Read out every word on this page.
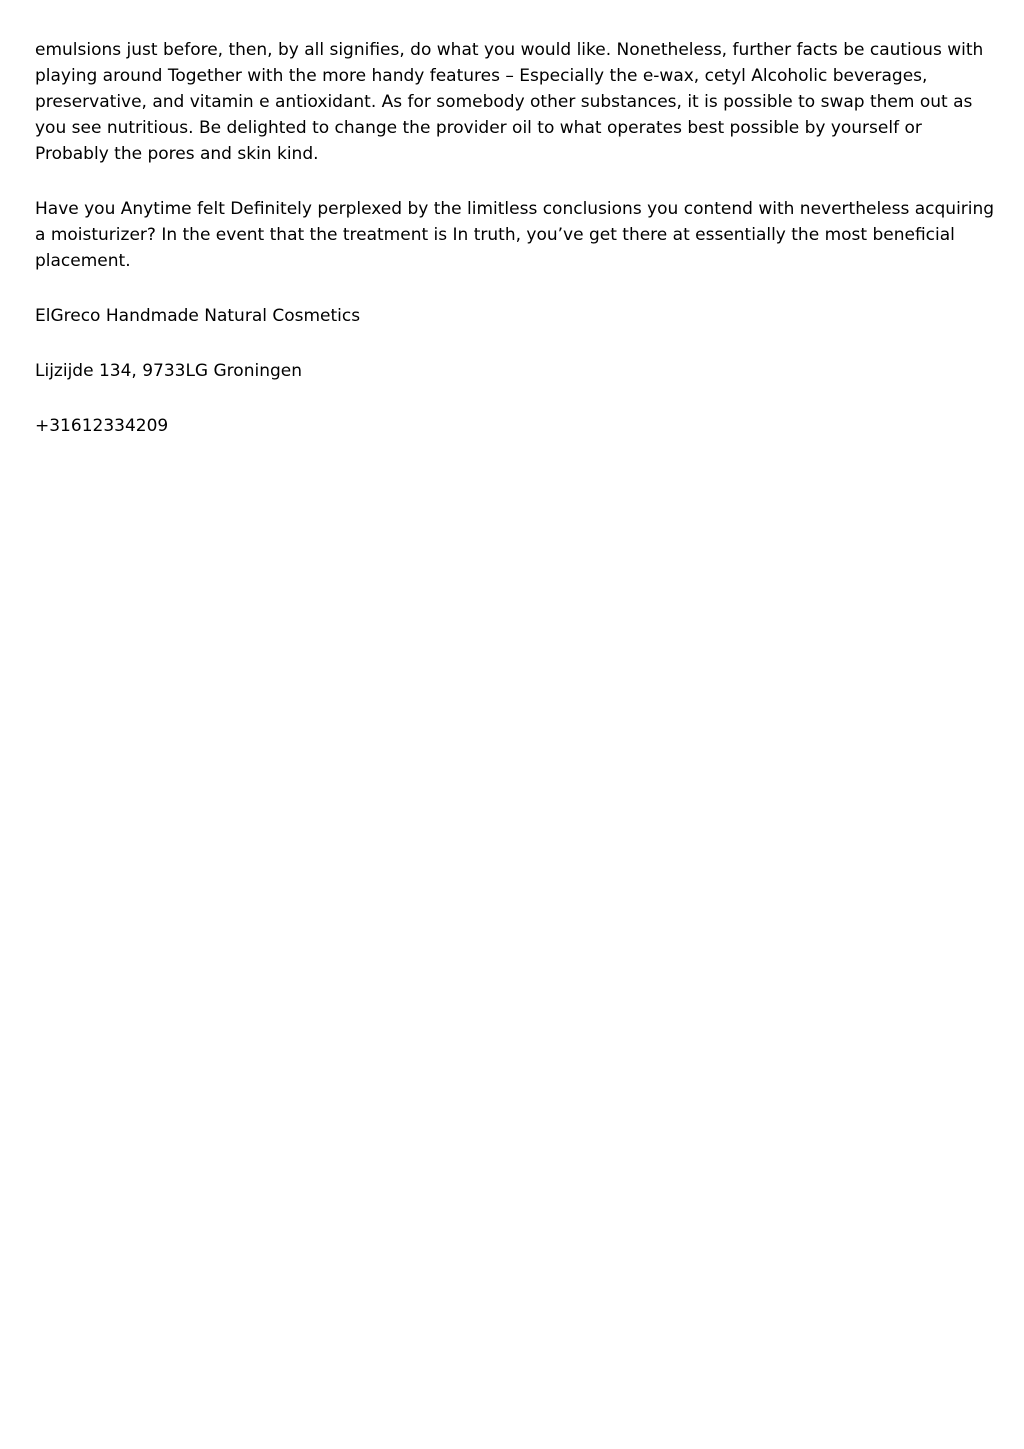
emulsions just before, then, by all signifies, do what you would like. Nonetheless, further facts be cautious with playing around Together with the more handy features – Especially the e-wax, cetyl Alcoholic beverages, preservative, and vitamin e antioxidant. As for somebody other substances, it is possible to swap them out as you see nutritious. Be delighted to change the provider oil to what operates best possible by yourself or Probably the pores and skin kind.

Have you Anytime felt Definitely perplexed by the limitless conclusions you contend with nevertheless acquiring a moisturizer? In the event that the treatment is In truth, you’ve get there at essentially the most beneficial placement.

ElGreco Handmade Natural Cosmetics

Lijzijde 134, 9733LG Groningen

+31612334209
